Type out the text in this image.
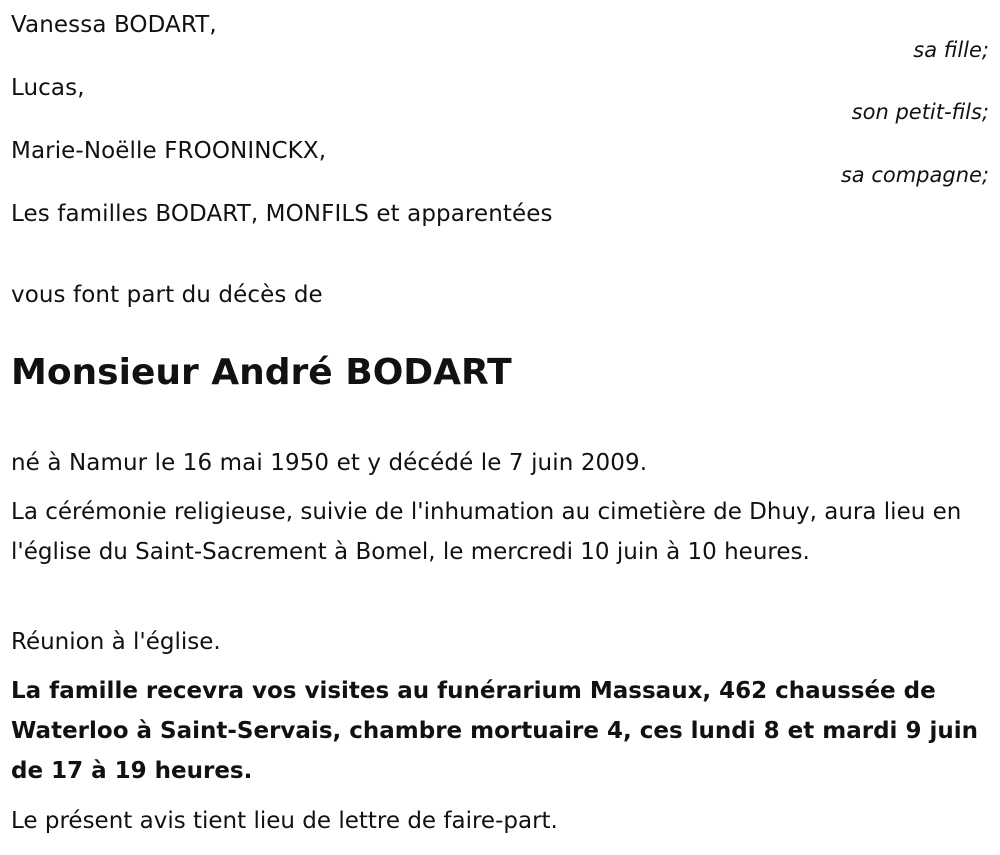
Vanessa BODART,
sa fille;
Lucas,
son petit-fils;
Marie-Noëlle FROONINCKX,
sa compagne;
Les familles BODART, MONFILS et apparentées
vous font part du décès de
Monsieur André BODART
né à Namur le 16 mai 1950 et y décédé le 7 juin 2009.
La cérémonie religieuse, suivie de l'inhumation au cimetière de Dhuy, aura lieu en l'église du Saint-Sacrement à Bomel, le mercredi 10 juin à 10 heures.
Réunion à l'église.
La famille recevra vos visites au funérarium Massaux, 462 chaussée de Waterloo à Saint-Servais, chambre mortuaire 4, ces lundi 8 et mardi 9 juin de 17 à 19 heures.
Le présent avis tient lieu de lettre de faire-part.
